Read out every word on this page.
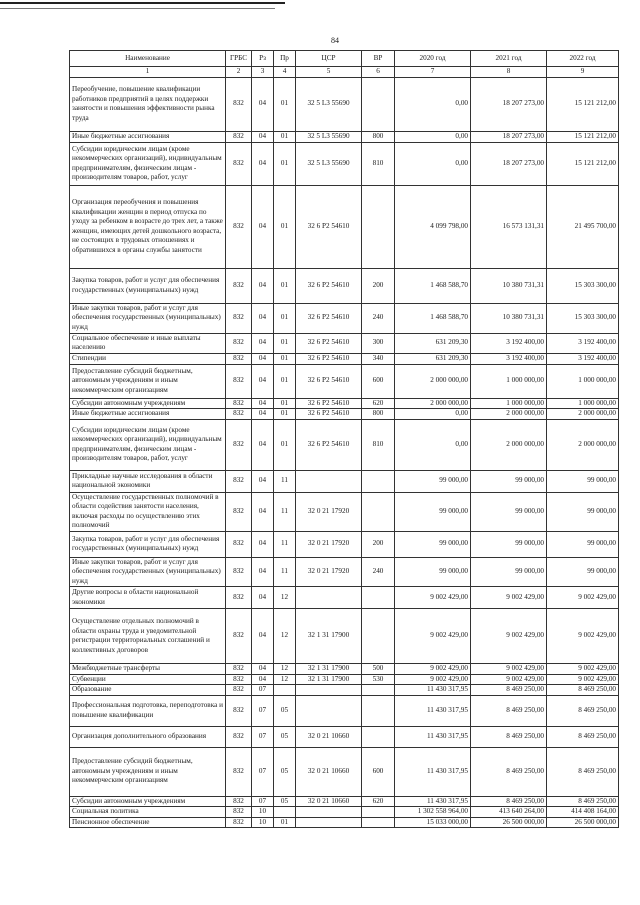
84
Наименование	ГРБС	Рз	Пр	ЦСР	ВР	2020 год	2021 год	2022 год
1	2	3	4	5	6	7	8	9
Переобучение, повышение квалификации работников предприятий в целях поддержки занятости и повышения эффективности рынка труда	832	04	01	32 5 L3 55690		0,00	18 207 273,00	15 121 212,00
Иные бюджетные ассигнования	832	04	01	32 5 L3 55690	800	0,00	18 207 273,00	15 121 212,00
Субсидии юридическим лицам (кроме некоммерческих организаций), индивидуальным предпринимателям, физическим лицам - производителям товаров, работ, услуг	832	04	01	32 5 L3 55690	810	0,00	18 207 273,00	15 121 212,00
Организация переобучения и повышения квалификации женщин в период отпуска по уходу за ребенком в возрасте до трех лет, а также женщин, имеющих детей дошкольного возраста, не состоящих в трудовых отношениях и обратившихся в органы службы занятости	832	04	01	32 6 P2 54610		4 099 798,00	16 573 131,31	21 495 700,00
Закупка товаров, работ и услуг для обеспечения государственных (муниципальных) нужд	832	04	01	32 6 P2 54610	200	1 468 588,70	10 380 731,31	15 303 300,00
Иные закупки товаров, работ и услуг для обеспечения государственных (муниципальных) нужд	832	04	01	32 6 P2 54610	240	1 468 588,70	10 380 731,31	15 303 300,00
Социальное обеспечение и иные выплаты населению	832	04	01	32 6 P2 54610	300	631 209,30	3 192 400,00	3 192 400,00
Стипендии	832	04	01	32 6 P2 54610	340	631 209,30	3 192 400,00	3 192 400,00
Предоставление субсидий бюджетным, автономным учреждениям и иным некоммерческим организациям	832	04	01	32 6 P2 54610	600	2 000 000,00	1 000 000,00	1 000 000,00
Субсидии автономным учреждениям	832	04	01	32 6 P2 54610	620	2 000 000,00	1 000 000,00	1 000 000,00
Иные бюджетные ассигнования	832	04	01	32 6 P2 54610	800	0,00	2 000 000,00	2 000 000,00
Субсидии юридическим лицам (кроме некоммерческих организаций), индивидуальным предпринимателям, физическим лицам - производителям товаров, работ, услуг	832	04	01	32 6 P2 54610	810	0,00	2 000 000,00	2 000 000,00
Прикладные научные исследования в области национальной экономики	832	04	11			99 000,00	99 000,00	99 000,00
Осуществление государственных полномочий в области содействия занятости населения, включая расходы по осуществлению этих полномочий	832	04	11	32 0 21 17920		99 000,00	99 000,00	99 000,00
Закупка товаров, работ и услуг для обеспечения государственных (муниципальных) нужд	832	04	11	32 0 21 17920	200	99 000,00	99 000,00	99 000,00
Иные закупки товаров, работ и услуг для обеспечения государственных (муниципальных) нужд	832	04	11	32 0 21 17920	240	99 000,00	99 000,00	99 000,00
Другие вопросы в области национальной экономики	832	04	12			9 002 429,00	9 002 429,00	9 002 429,00
Осуществление отдельных полномочий в области охраны труда и уведомительной регистрации территориальных соглашений и коллективных договоров	832	04	12	32 1 31 17900		9 002 429,00	9 002 429,00	9 002 429,00
Межбюджетные трансферты	832	04	12	32 1 31 17900	500	9 002 429,00	9 002 429,00	9 002 429,00
Субвенции	832	04	12	32 1 31 17900	530	9 002 429,00	9 002 429,00	9 002 429,00
Образование	832	07				11 430 317,95	8 469 250,00	8 469 250,00
Профессиональная подготовка, переподготовка и повышение квалификации	832	07	05			11 430 317,95	8 469 250,00	8 469 250,00
Организация дополнительного образования	832	07	05	32 0 21 10660		11 430 317,95	8 469 250,00	8 469 250,00
Предоставление субсидий бюджетным, автономным учреждениям и иным некоммерческим организациям	832	07	05	32 0 21 10660	600	11 430 317,95	8 469 250,00	8 469 250,00
Субсидии автономным учреждениям	832	07	05	32 0 21 10660	620	11 430 317,95	8 469 250,00	8 469 250,00
Социальная политика	832	10				1 302 558 964,00	413 640 264,00	414 408 164,00
Пенсионное обеспечение	832	10	01			15 033 000,00	26 500 000,00	26 500 000,00
